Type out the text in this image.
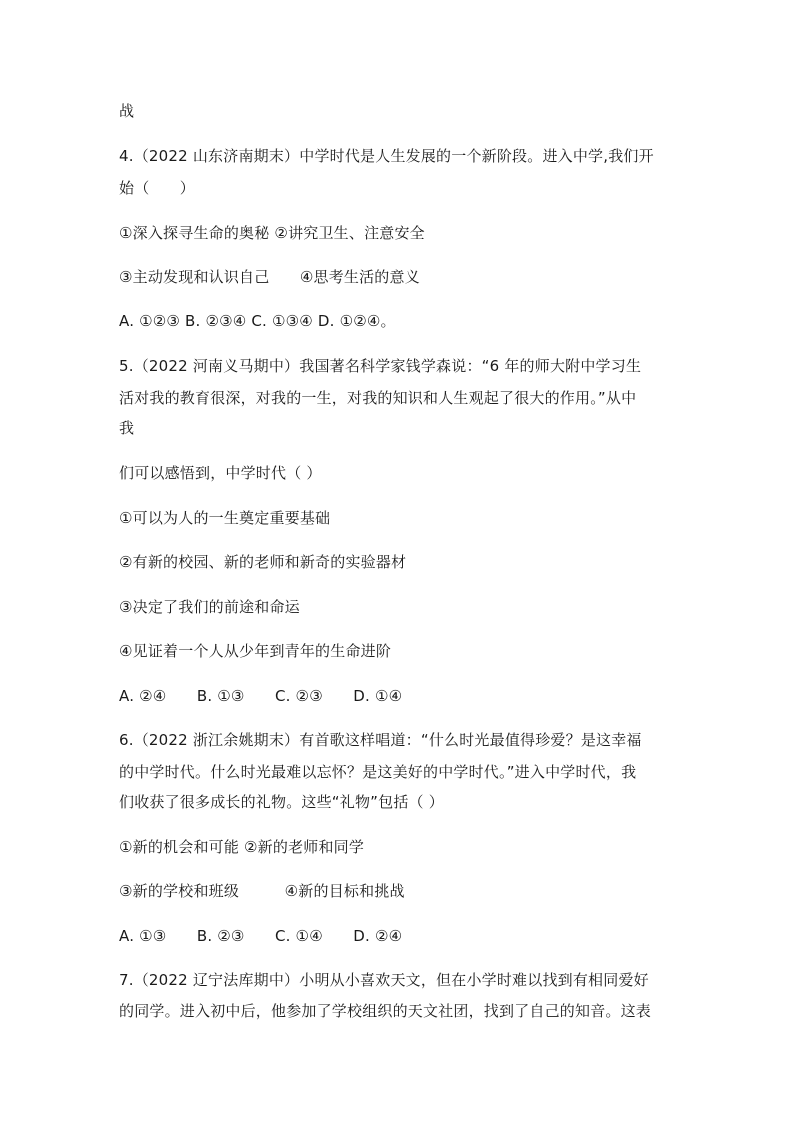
战
4.（2022 山东济南期末）中学时代是人生发展的一个新阶段。进入中学,我们开
始（　　）
①深入探寻生命的奥秘 ②讲究卫生、注意安全
③主动发现和认识自己　　④思考生活的意义
A. ①②③ B. ②③④ C. ①③④ D. ①②④。
5.（2022 河南义马期中）我国著名科学家钱学森说：“6 年的师大附中学习生
活对我的教育很深，对我的一生，对我的知识和人生观起了很大的作用。”从中
我
们可以感悟到，中学时代（ ）
①可以为人的一生奠定重要基础
②有新的校园、新的老师和新奇的实验器材
③决定了我们的前途和命运
④见证着一个人从少年到青年的生命进阶
A. ②④　　B. ①③　　C. ②③　　D. ①④
6.（2022 浙江余姚期末）有首歌这样唱道：“什么时光最值得珍爱？是这幸福
的中学时代。什么时光最难以忘怀？是这美好的中学时代。”进入中学时代，我
们收获了很多成长的礼物。这些“礼物”包括（ ）
①新的机会和可能 ②新的老师和同学
③新的学校和班级　　　④新的目标和挑战
A. ①③　　B. ②③　　C. ①④　　D. ②④
7.（2022 辽宁法库期中）小明从小喜欢天文，但在小学时难以找到有相同爱好
的同学。进入初中后，他参加了学校组织的天文社团，找到了自己的知音。这表
